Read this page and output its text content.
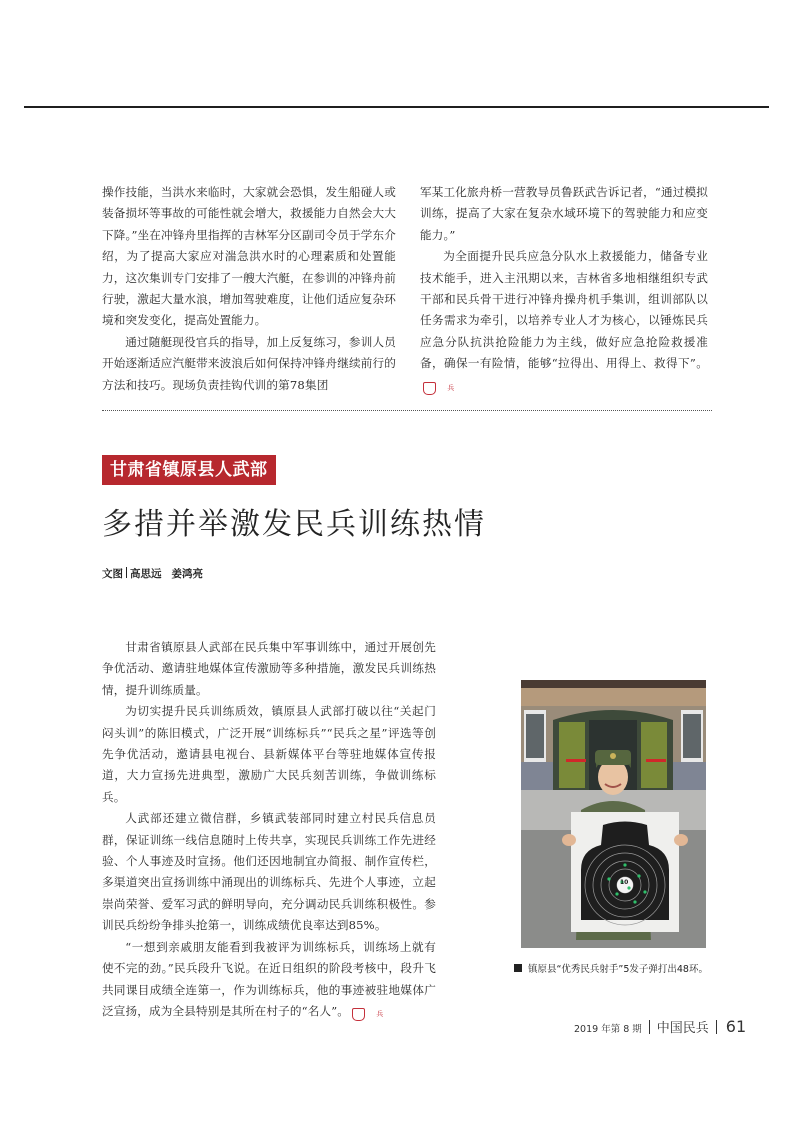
操作技能，当洪水来临时，大家就会恐惧，发生船碰人或装备损坏等事故的可能性就会增大，救援能力自然会大大下降。”坐在冲锋舟里指挥的吉林军分区副司令员于学东介绍，为了提高大家应对湍急洪水时的心理素质和处置能力，这次集训专门安排了一艘大汽艇，在参训的冲锋舟前行驶，激起大量水浪，增加驾驶难度，让他们适应复杂环境和突发变化，提高处置能力。

通过随艇现役官兵的指导，加上反复练习，参训人员开始逐渐适应汽艇带来波浪后如何保持冲锋舟继续前行的方法和技巧。现场负责挂钩代训的第78集团

军某工化旅舟桥一营教导员鲁跃武告诉记者，“通过模拟训练，提高了大家在复杂水域环境下的驾驶能力和应变能力。”

为全面提升民兵应急分队水上救援能力，储备专业技术能手，进入主汛期以来，吉林省多地相继组织专武干部和民兵骨干进行冲锋舟操舟机手集训，组训部队以任务需求为牵引，以培养专业人才为核心，以锤炼民兵应急分队抗洪抢险能力为主线，做好应急抢险救援准备，确保一有险情，能够“拉得出、用得上、救得下”。兵

甘肃省镇原县人武部
多措并举激发民兵训练热情
文图 高思远 姜鸿亮

甘肃省镇原县人武部在民兵集中军事训练中，通过开展创先争优活动、邀请驻地媒体宣传激励等多种措施，激发民兵训练热情，提升训练质量。

为切实提升民兵训练质效，镇原县人武部打破以往“关起门闷头训”的陈旧模式，广泛开展“训练标兵”“民兵之星”评选等创先争优活动，邀请县电视台、县新媒体平台等驻地媒体宣传报道，大力宣扬先进典型，激励广大民兵刻苦训练，争做训练标兵。

人武部还建立微信群，乡镇武装部同时建立村民兵信息员群，保证训练一线信息随时上传共享，实现民兵训练工作先进经验、个人事迹及时宣扬。他们还因地制宜办简报、制作宣传栏，多渠道突出宣扬训练中涌现出的训练标兵、先进个人事迹，立起崇尚荣誉、爱军习武的鲜明导向，充分调动民兵训练积极性。参训民兵纷纷争排头抢第一，训练成绩优良率达到85%。

“一想到亲戚朋友能看到我被评为训练标兵，训练场上就有使不完的劲。”民兵段升飞说。在近日组织的阶段考核中，段升飞共同课目成绩全连第一，作为训练标兵，他的事迹被驻地媒体广泛宣扬，成为全县特别是其所在村子的“名人”。	兵

10
镇原县“优秀民兵射手”5发子弹打出48环。
2019 年第 8 期 中国民兵 61
